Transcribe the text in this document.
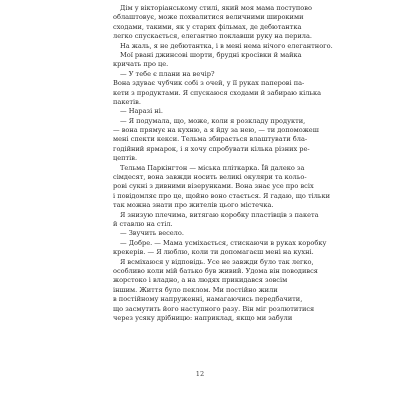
Дім у вікторіанському стилі, який моя мама поступово
облаштовує, може похвалитися величними широкими
сходами, такими, як у старих фільмах, де дебютантка
легко спускається, елегантно поклавши руку на перила.
На жаль, я не дебютантка, і в мені нема нічого елегантного.
Мої рвані джинсові шорти, брудні кросівки й майка
кричать про це.
— У тебе є плани на вечір?
Вона здуває чубчик собі з очей, у її руках паперові па-
кети з продуктами. Я спускаюся сходами й забираю кілька
пакетів.
— Наразі ні.
— Я подумала, що, може, коли я розкладу продукти,
— вона прямує на кухню, а я йду за нею, — ти допоможеш
мені спекти кекси. Тельма збирається влаштувати бла-
годійний ярмарок, і я хочу спробувати кілька різних ре-
цептів.
Тельма Паркінгтон — міська пліткарка. Їй далеко за
сімдесят, вона завжди носить великі окуляри та кольо-
рові сукні з дивними візерунками. Вона знає усе про всіх
і повідомляє про це, щойно воно стається. Я гадаю, що тільки
так можна знати про жителів цього містечка.
Я знизую плечима, витягаю коробку пластівців з пакета
й ставлю на стіл.
— Звучить весело.
— Добре. — Мама усміхається, стискаючи в руках коробку
крекерів. — Я люблю, коли ти допомагаєш мені на кухні.
Я всміхаюся у відповідь. Усе не завжди було так легко,
особливо коли мій батько був живий. Удома він поводився
жорстоко і владно, а на людях прикидався зовсім
іншим. Життя було пеклом. Ми постійно жили
в постійному напруженні, намагаючись передбачити,
що засмутить його наступного разу. Він міг розлютитися
через усяку дрібницю: наприклад, якщо ми забули
12
